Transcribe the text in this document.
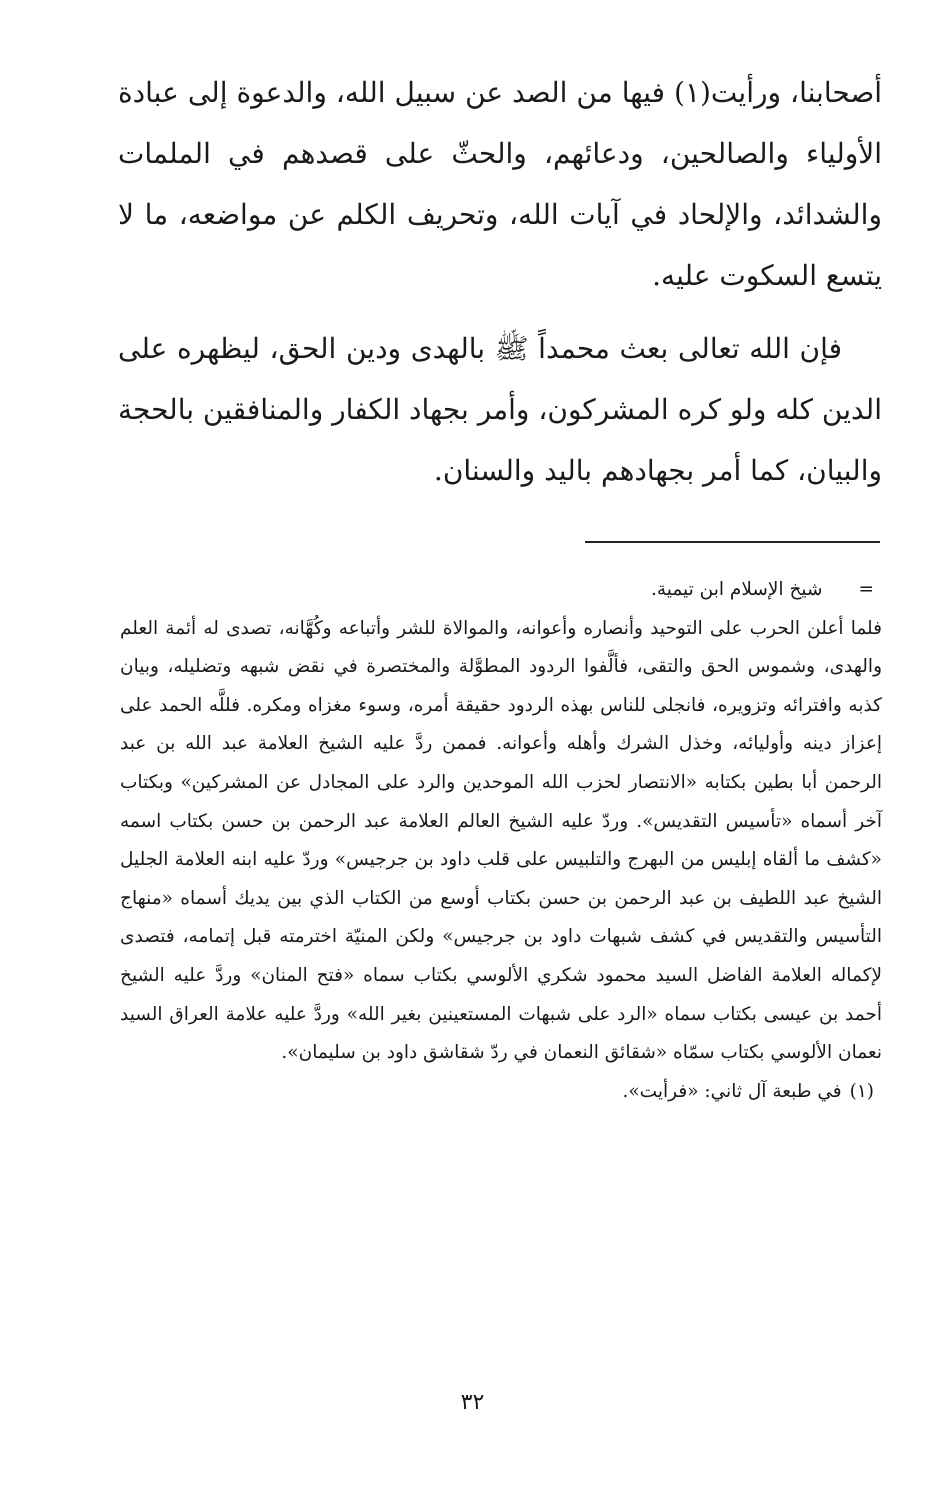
أصحابنا، ورأيت(١) فيها من الصد عن سبيل الله، والدعوة إلى عبادة الأولياء والصالحين، ودعائهم، والحثّ على قصدهم في الملمات والشدائد، والإلحاد في آيات الله، وتحريف الكلم عن مواضعه، ما لا يتسع السكوت عليه.

فإن الله تعالى بعث محمداً ﷺ بالهدى ودين الحق، ليظهره على الدين كله ولو كره المشركون، وأمر بجهاد الكفار والمنافقين بالحجة والبيان، كما أمر بجهادهم باليد والسنان.

=
شيخ الإسلام ابن تيمية.

فلما أعلن الحرب على التوحيد وأنصاره وأعوانه، والموالاة للشر وأتباعه وكُهَّانه، تصدى له أئمة العلم والهدى، وشموس الحق والتقى، فألَّفوا الردود المطوَّلة والمختصرة في نقض شبهه وتضليله، وبيان كذبه وافترائه وتزويره، فانجلى للناس بهذه الردود حقيقة أمره، وسوء مغزاه ومكره. فللَّه الحمد على إعزاز دينه وأوليائه، وخذل الشرك وأهله وأعوانه. فممن ردَّ عليه الشيخ العلامة عبد الله بن عبد الرحمن أبا بطين بكتابه «الانتصار لحزب الله الموحدين والرد على المجادل عن المشركين» وبكتاب آخر أسماه «تأسيس التقديس». وردّ عليه الشيخ العالم العلامة عبد الرحمن بن حسن بكتاب اسمه «كشف ما ألقاه إبليس من البهرج والتلبيس على قلب داود بن جرجيس» وردّ عليه ابنه العلامة الجليل الشيخ عبد اللطيف بن عبد الرحمن بن حسن بكتاب أوسع من الكتاب الذي بين يديك أسماه «منهاج التأسيس والتقديس في كشف شبهات داود بن جرجيس» ولكن المنيّة اخترمته قبل إتمامه، فتصدى لإكماله العلامة الفاضل السيد محمود شكري الألوسي بكتاب سماه «فتح المنان» وردَّ عليه الشيخ أحمد بن عيسى بكتاب سماه «الرد على شبهات المستعينين بغير الله» وردَّ عليه علامة العراق السيد نعمان الألوسي بكتاب سمّاه «شقائق النعمان في ردّ شقاشق داود بن سليمان».

(١)
في طبعة آل ثاني: «فرأيت».
٣٢
